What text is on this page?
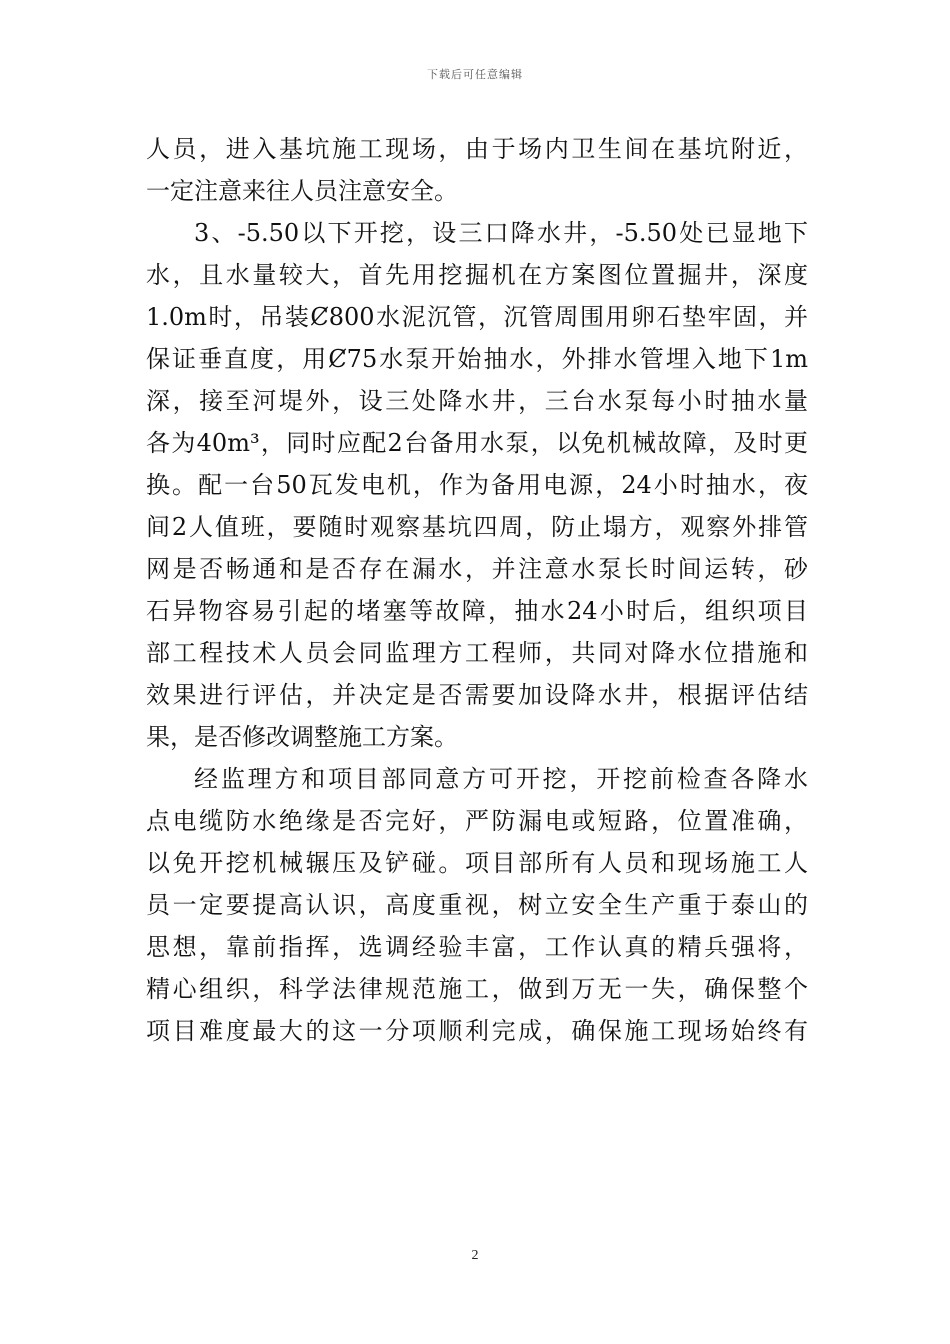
下载后可任意编辑
人员，进入基坑施工现场，由于场内卫生间在基坑附近，
一定注意来往人员注意安全。
3、-5.50以下开挖，设三口降水井，-5.50处已显地下
水，且水量较大，首先用挖掘机在方案图位置掘井，深度
1.0m时，吊装Ȼ800水泥沉管，沉管周围用卵石垫牢固，并
保证垂直度，用Ȼ75水泵开始抽水，外排水管埋入地下1m
深，接至河堤外，设三处降水井，三台水泵每小时抽水量
各为40m³，同时应配2台备用水泵，以免机械故障，及时更
换。配一台50瓦发电机，作为备用电源，24小时抽水，夜
间2人值班，要随时观察基坑四周，防止塌方，观察外排管
网是否畅通和是否存在漏水，并注意水泵长时间运转，砂
石异物容易引起的堵塞等故障，抽水24小时后，组织项目
部工程技术人员会同监理方工程师，共同对降水位措施和
效果进行评估，并决定是否需要加设降水井，根据评估结
果，是否修改调整施工方案。
经监理方和项目部同意方可开挖，开挖前检查各降水
点电缆防水绝缘是否完好，严防漏电或短路，位置准确，
以免开挖机械辗压及铲碰。项目部所有人员和现场施工人
员一定要提高认识，高度重视，树立安全生产重于泰山的
思想，靠前指挥，选调经验丰富，工作认真的精兵强将，
精心组织，科学法律规范施工，做到万无一失，确保整个
项目难度最大的这一分项顺利完成，确保施工现场始终有
2
